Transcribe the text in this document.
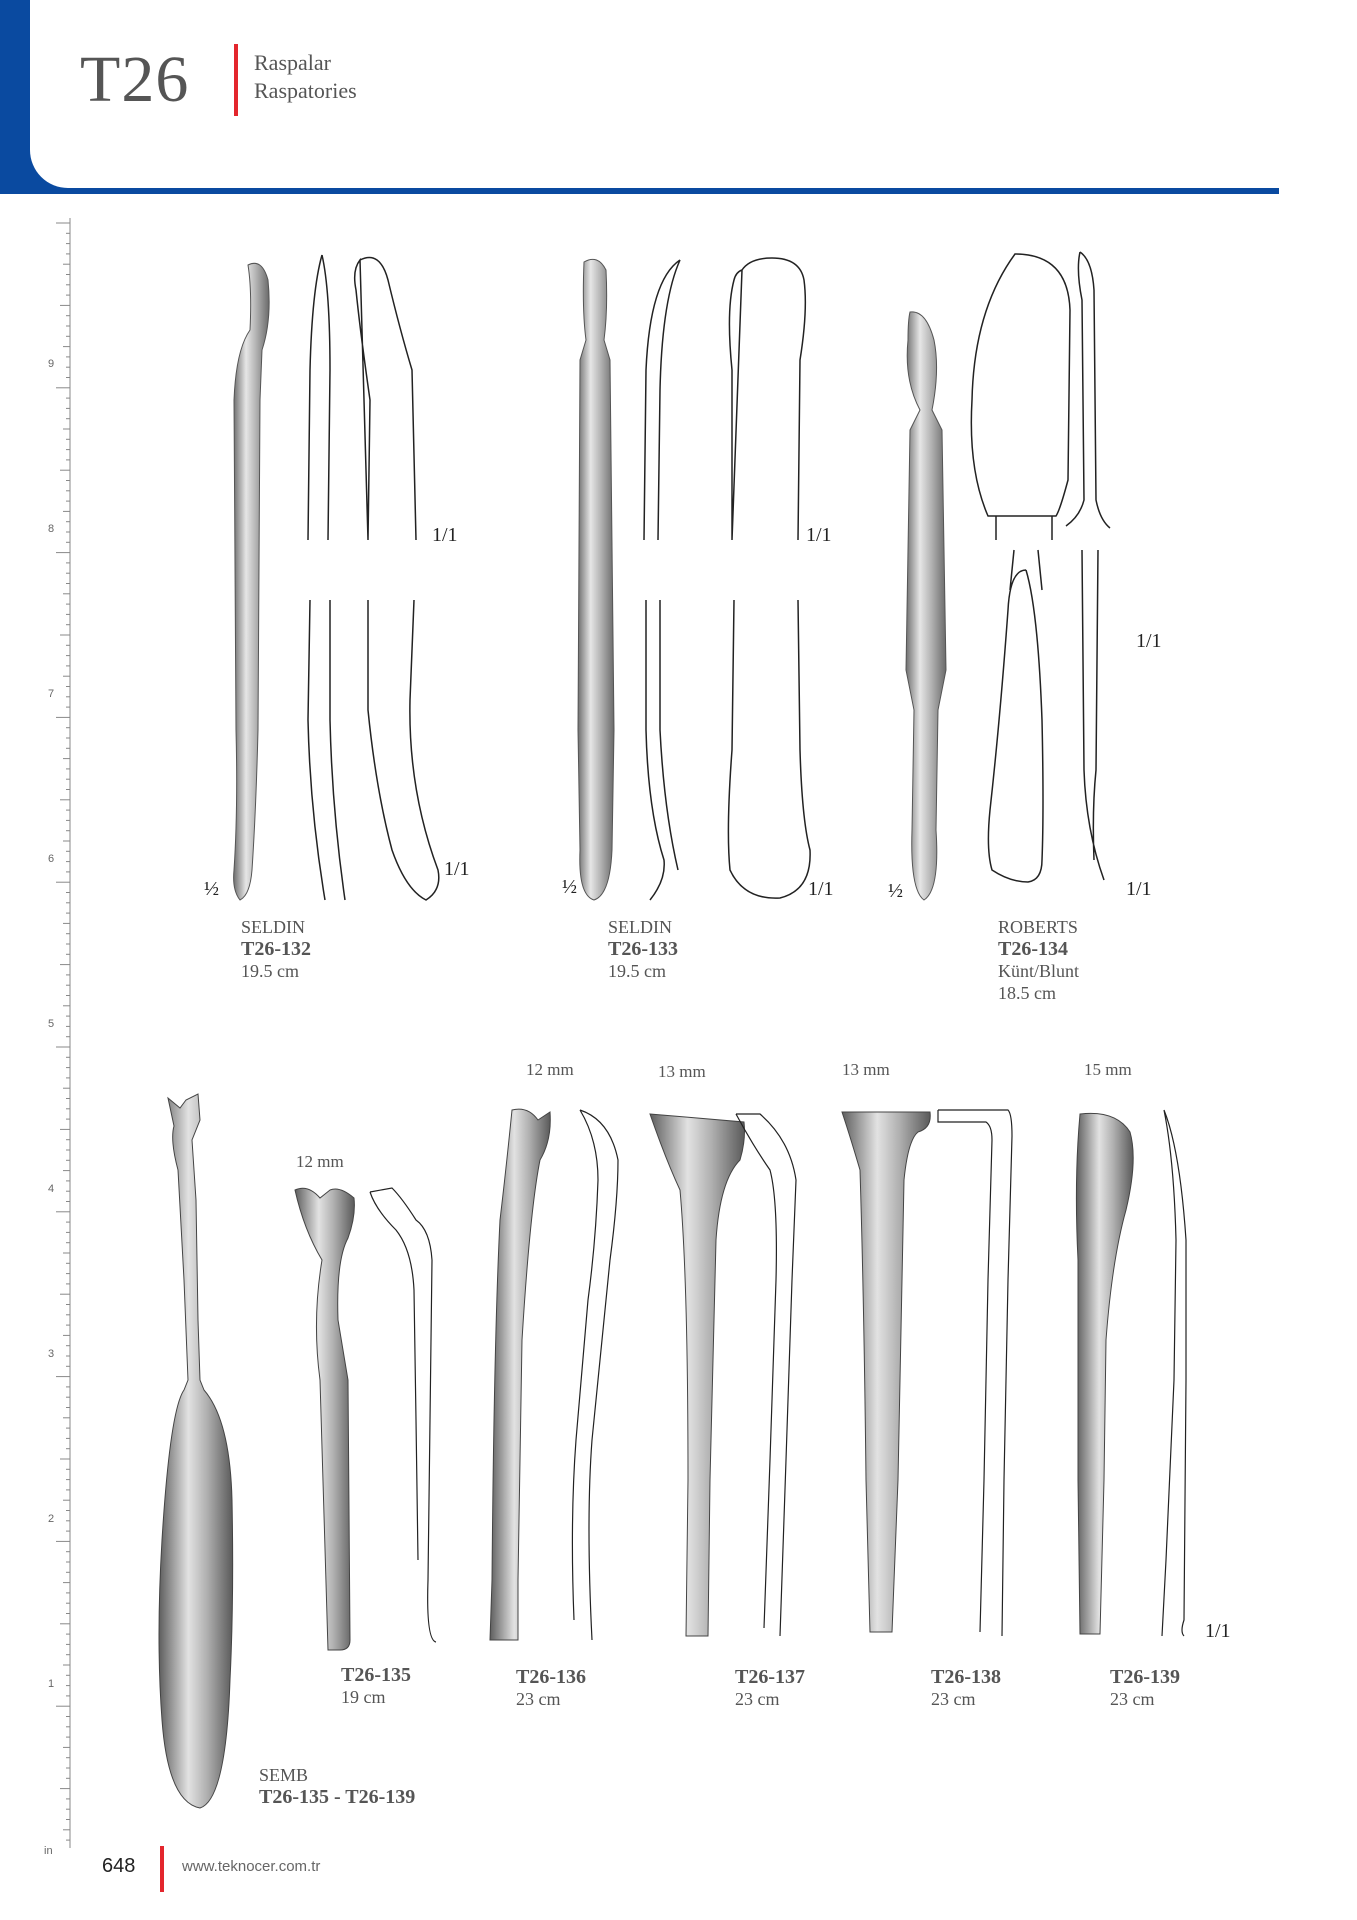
T26	Raspalar
Raspatories
9
8
7
6
5
4
3
2
1
in
½
1/1
1/1
½
1/1
1/1	½
1/1
1/1
SELDIN
T26-132
19.5 cm
SELDIN
T26-133
19.5 cm
ROBERTS
T26-134
Künt/Blunt
18.5 cm
12 mm
12 mm	13 mm	13 mm	15 mm
1/1
T26-135
19 cm
T26-136
23 cm
T26-137
23 cm
T26-138
23 cm
T26-139
23 cm
SEMB
T26-135 - T26-139
648	www.teknocer.com.tr
